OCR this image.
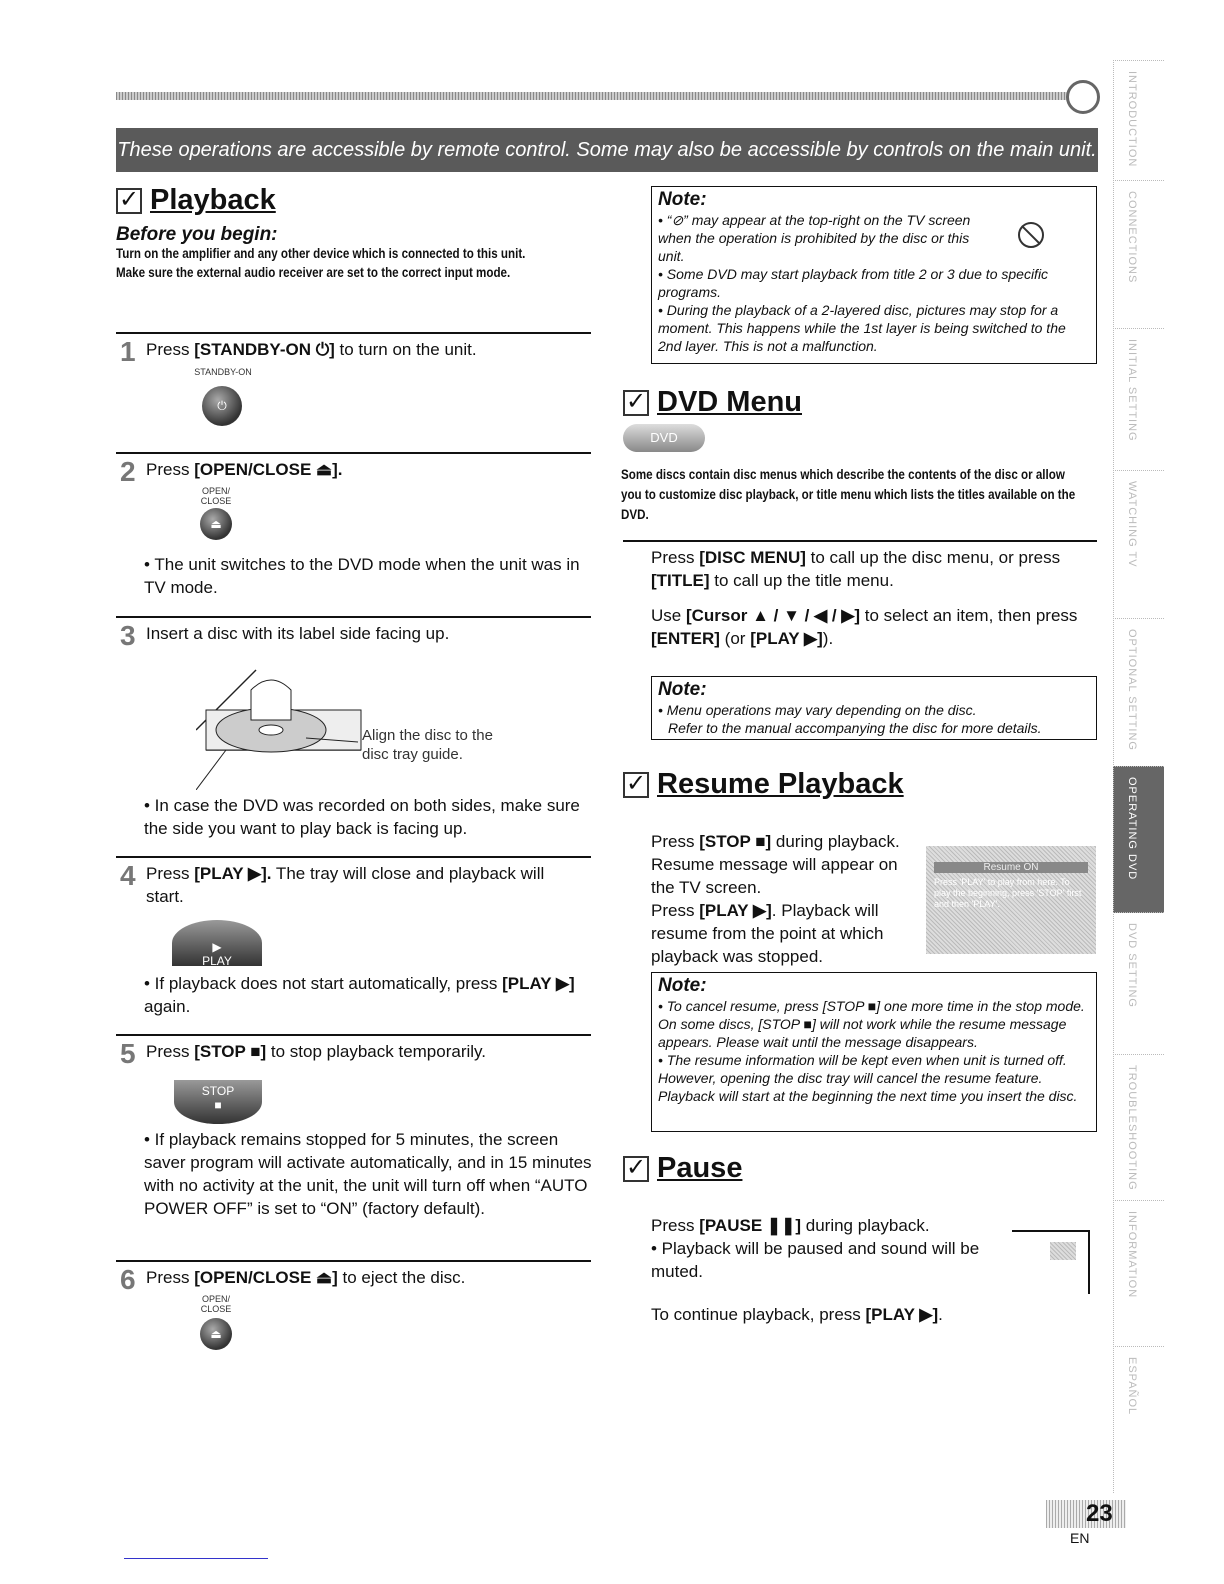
These operations are accessible by remote control. Some may also be accessible by controls on the main unit.
✓ Playback
Before you begin:
Turn on the amplifier and any other device which is connected to this unit.
Make sure the external audio receiver are set to the correct input mode.
1 Press [STANDBY-ON ⏻] to turn on the unit.
STANDBY-ON
⏻
2 Press [OPEN/CLOSE ⏏].
OPEN/
CLOSE
⏏
• The unit switches to the DVD mode when the unit was in TV mode.
3 Insert a disc with its label side facing up.
Align the disc to the disc tray guide.
• In case the DVD was recorded on both sides, make sure the side you want to play back is facing up.
4 Press [PLAY ▶]. The tray will close and playback will start.
▶
PLAY
• If playback does not start automatically, press [PLAY ▶] again.
5 Press [STOP ■] to stop playback temporarily.
STOP
■
• If playback remains stopped for 5 minutes, the screen saver program will activate automatically, and in 15 minutes with no activity at the unit, the unit will turn off when “AUTO POWER OFF” is set to “ON” (factory default).
6 Press [OPEN/CLOSE ⏏] to eject the disc.
OPEN/
CLOSE
⏏
Note:

• “⊘” may appear at the top-right on the TV screen when the operation is prohibited by the disc or this unit.

• Some DVD may start playback from title 2 or 3 due to specific programs.

• During the playback of a 2-layered disc, pictures may stop for a moment. This happens while the 1st layer is being switched to the 2nd layer. This is not a malfunction.

✓ DVD Menu
DVD
Some discs contain disc menus which describe the contents of the disc or allow you to customize disc playback, or title menu which lists the titles available on the DVD.
Press [DISC MENU] to call up the disc menu, or press [TITLE] to call up the title menu.
Use [Cursor ▲ / ▼ / ◀ / ▶] to select an item, then press [ENTER] (or [PLAY ▶]).
Note:

• Menu operations may vary depending on the disc.

Refer to the manual accompanying the disc for more details.

✓ Resume Playback
Press [STOP ■] during playback. Resume message will appear on the TV screen.
Press [PLAY ▶]. Playback will resume from the point at which playback was stopped.
Resume ON
Press 'PLAY' to play from here. To play the beginning, press 'STOP' first and then 'PLAY'.
Note:

• To cancel resume, press [STOP ■] one more time in the stop mode. On some discs, [STOP ■] will not work while the resume message appears. Please wait until the message disappears.

• The resume information will be kept even when unit is turned off. However, opening the disc tray will cancel the resume feature. Playback will start at the beginning the next time you insert the disc.

✓ Pause
Press [PAUSE ❚❚] during playback.
• Playback will be paused and sound will be muted.
To continue playback, press [PLAY ▶].
INTRODUCTION
CONNECTIONS
INITIAL SETTING
WATCHING TV
OPTIONAL SETTING
OPERATING DVD
DVD SETTING
TROUBLESHOOTING
INFORMATION
ESPAÑOL
23
EN
